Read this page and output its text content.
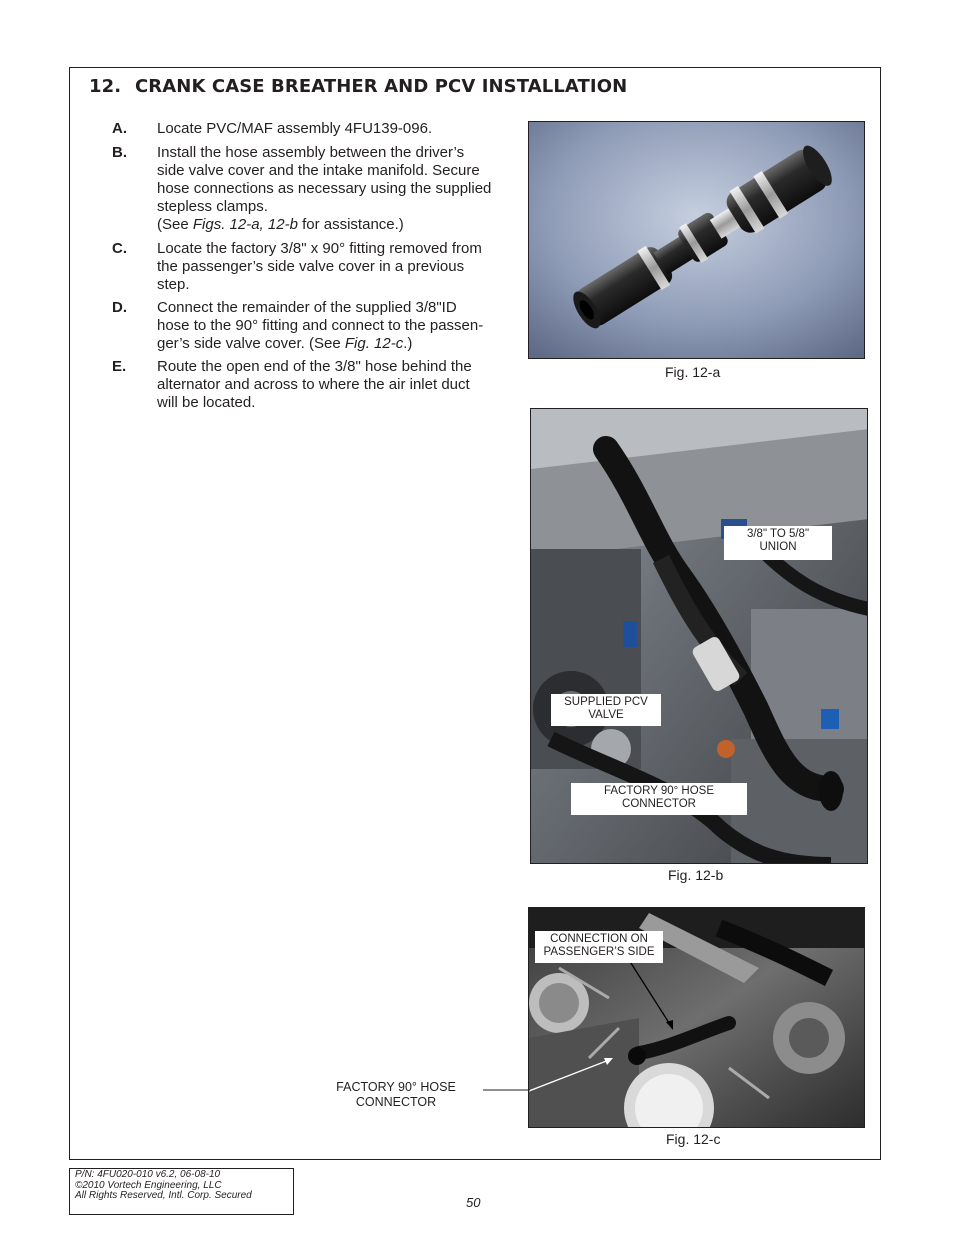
12. CRANK CASE BREATHER AND PCV INSTALLATION
A. Locate PVC/MAF assembly 4FU139-096.
B. Install the hose assembly between the driver’s
side valve cover and the intake manifold. Secure
hose connections as necessary using the supplied
stepless clamps.
(See Figs. 12-a, 12-b for assistance.)
C. Locate the factory 3/8" x 90° fitting removed from
the passenger’s side valve cover in a previous
step.
D. Connect the remainder of the supplied 3/8"ID
hose to the 90° fitting and connect to the passen-
ger’s side valve cover. (See Fig. 12-c.)
E. Route the open end of the 3/8" hose behind the
alternator and across to where the air inlet duct
will be located.
Fig. 12-a
3/8" TO 5/8"
UNION
SUPPLIED PCV
VALVE
FACTORY 90° HOSE
CONNECTOR
Fig. 12-b
CONNECTION ON
PASSENGER’S SIDE
FACTORY 90° HOSE
CONNECTOR
Fig. 12-c
P/N: 4FU020-010 v6.2, 06-08-10
©2010 Vortech Engineering, LLC
All Rights Reserved, Intl. Corp. Secured	50
